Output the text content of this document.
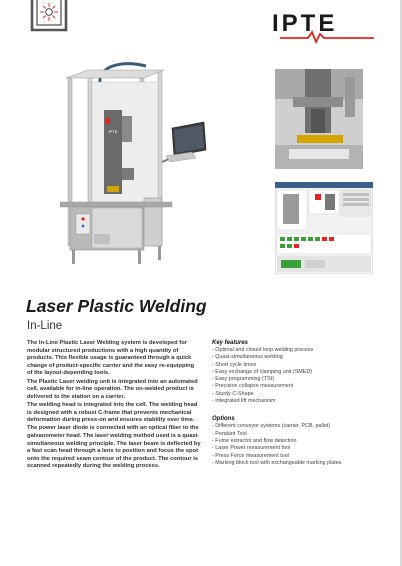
IPTE
IPTE
Laser Plastic Welding
In-Line

The In-Line Plastic Laser Welding system is developed for modular structured productions with a high quantity of products. This flexible usage is guaranteed through a quick change of product-specific carrier and the easy re-equipping of the layout-depending tools.

The Plastic Laser welding unit is integrated into an automated cell, available for in-line operation. The un-welded product is delivered to the station on a carrier.

The welding head is integrated into the cell. The welding head is designed with a robust C-frame that prevents mechanical deformation during press-on and ensures stability over time.

The power laser diode is connected with an optical fiber to the galvanometer head. The laser welding method used is a quasi-simultaneous welding principle. The laser beam is deflected by a fast scan head through a lens to position and focus the spot onto the required seam contour of the product. The contour is scanned repeatedly during the welding process.

Key features
- Optimal and closed loop welding process
- Quasi-simultaneous welding
- Short cycle times
- Easy exchange of clamping unit (SMED)
- Easy programming (TSI)
- Precision collapse measurement
- Sturdy C-Shape
- Integrated lift mechanism
Options
- Different conveyor systems (carrier, PCB, pallet)
- Pendant Tool
- Fume extractor and flow detection
- Laser Power measurement tool
- Press Force measurement tool
- Marking block tool with exchangeable marking plates
